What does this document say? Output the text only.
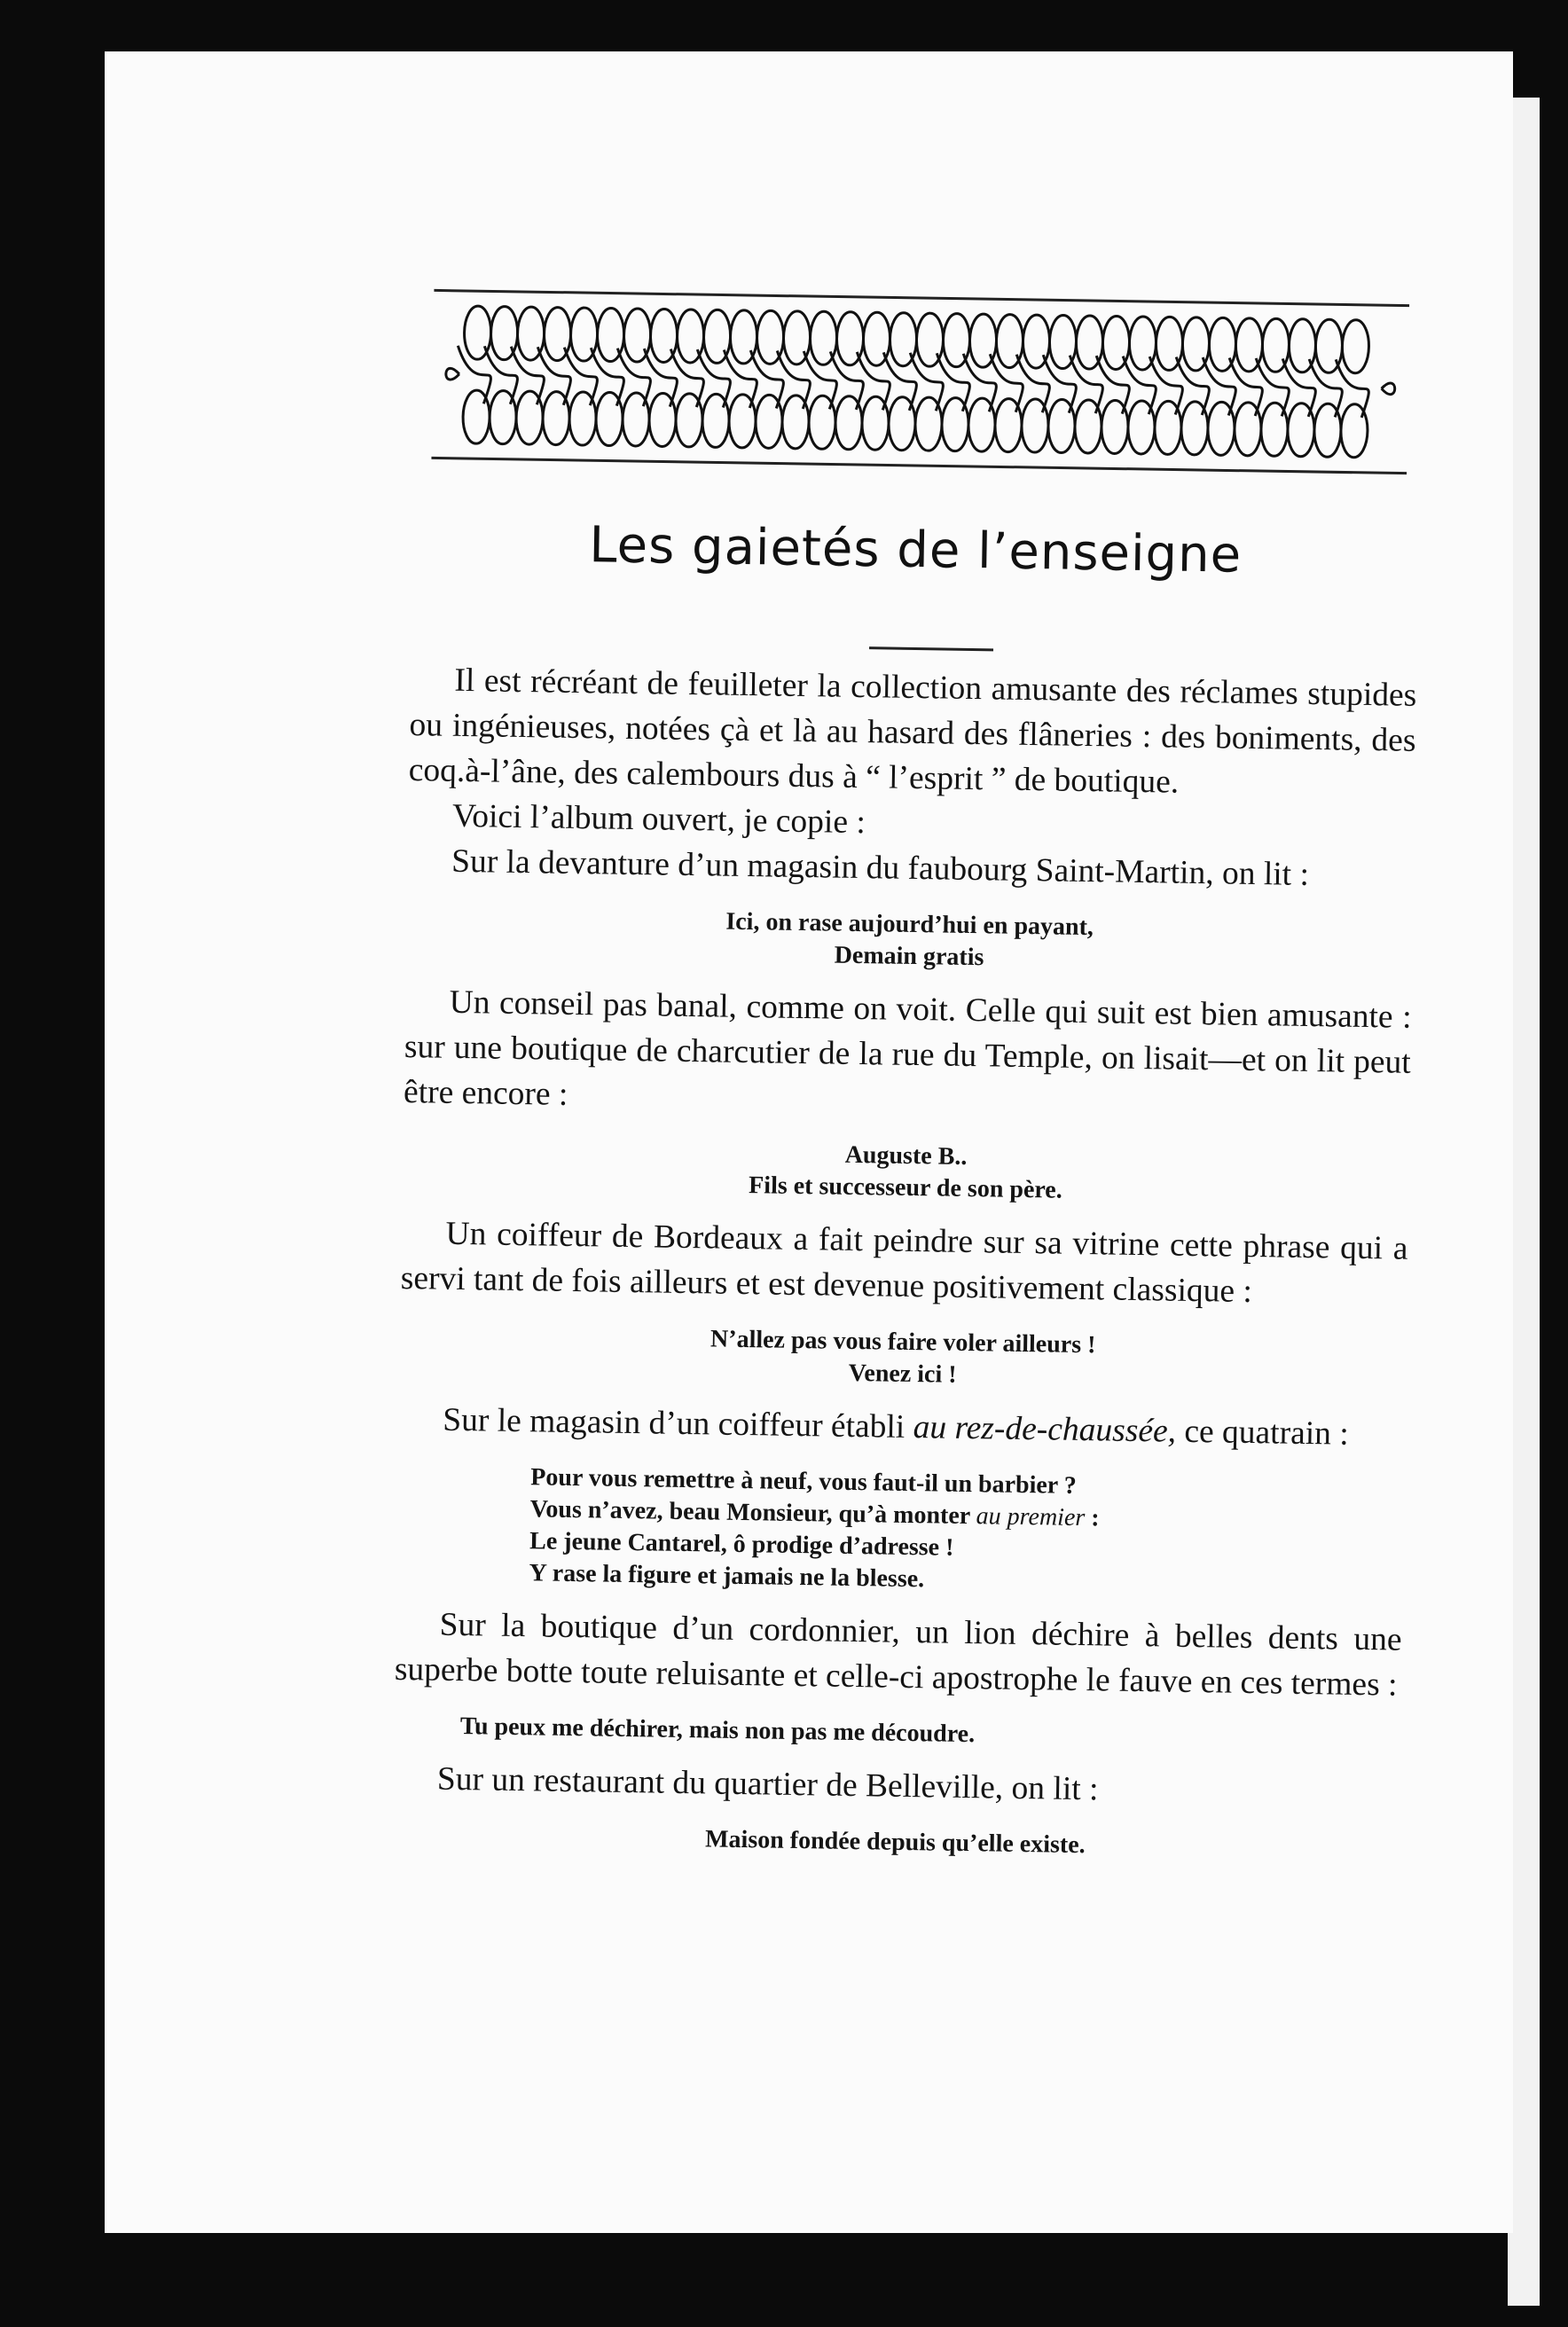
Les gaietés de l’enseigne

Il est récréant de feuilleter la collection amusante des réclames stupides ou ingénieuses, notées çà et là au hasard des flâneries : des boniments, des coq.à-l’âne, des calembours dus à “ l’esprit ” de boutique.

Voici l’album ouvert, je copie :

Sur la devanture d’un magasin du faubourg Saint-Martin, on lit :

Ici, on rase aujourd’hui en payant,
Demain gratis

Un conseil pas banal, comme on voit. Celle qui suit est bien amusante : sur une boutique de charcutier de la rue du Temple, on lisait—et on lit peut être encore :

Auguste B..
Fils et successeur de son père.

Un coiffeur de Bordeaux a fait peindre sur sa vitrine cette phrase qui a servi tant de fois ailleurs et est devenue positivement classique :

N’allez pas vous faire voler ailleurs !
Venez ici !

Sur le magasin d’un coiffeur établi au rez-de-chaussée, ce quatrain :

Pour vous remettre à neuf, vous faut-il un barbier ?
Vous n’avez, beau Monsieur, qu’à monter au premier :
Le jeune Cantarel, ô prodige d’adresse !
Y rase la figure et jamais ne la blesse.

Sur la boutique d’un cordonnier, un lion déchire à belles dents une superbe botte toute reluisante et celle-ci apostrophe le fauve en ces termes :

Tu peux me déchirer, mais non pas me découdre.

Sur un restaurant du quartier de Belleville, on lit :

Maison fondée depuis qu’elle existe.
